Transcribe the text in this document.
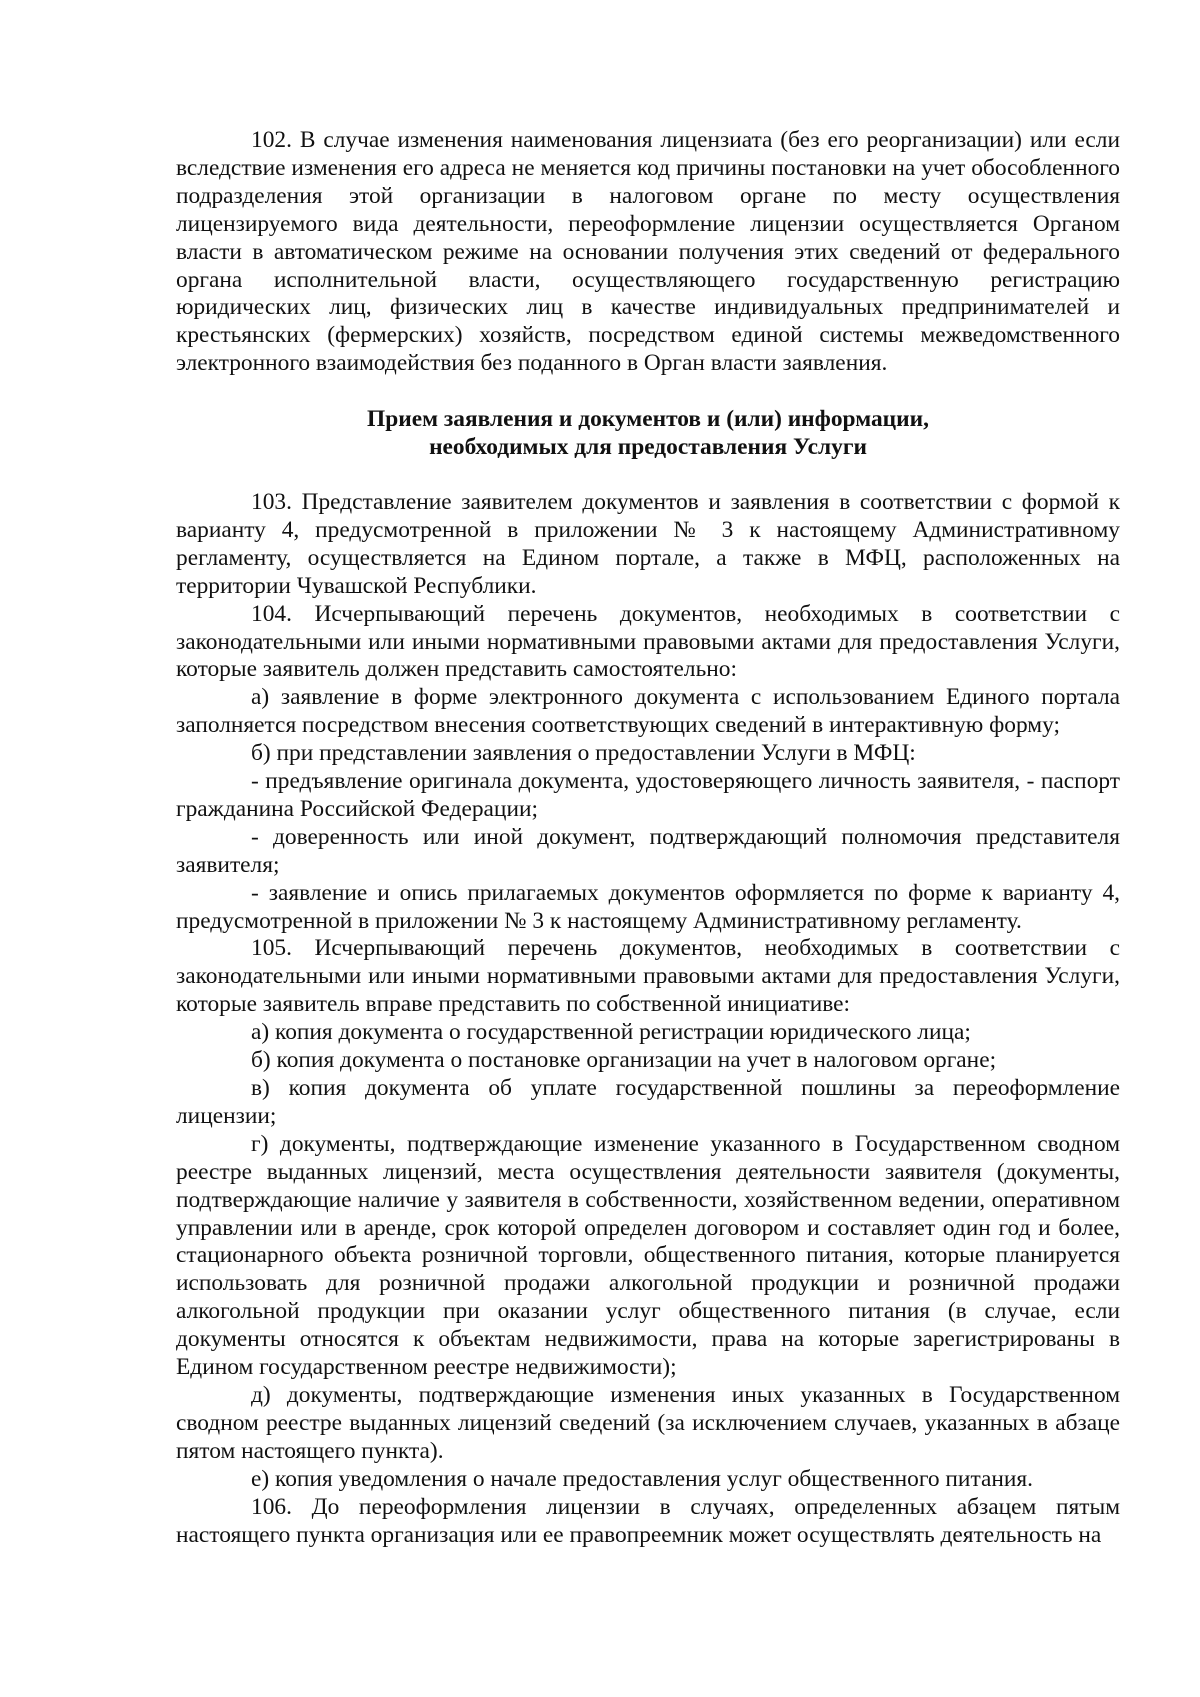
102. В случае изменения наименования лицензиата (без его реорганизации) или если вследствие изменения его адреса не меняется код причины постановки на учет обособленного подразделения этой организации в налоговом органе по месту осуществления лицензируемого вида деятельности, переоформление лицензии осуществляется Органом власти в автоматическом режиме на основании получения этих сведений от федерального органа исполнительной власти, осуществляющего государственную регистрацию юридических лиц, физических лиц в качестве индивидуальных предпринимателей и крестьянских (фермерских) хозяйств, посредством единой системы межведомственного электронного взаимодействия без поданного в Орган власти заявления.

Прием заявления и документов и (или) информации,
необходимых для предоставления Услуги

103. Представление заявителем документов и заявления в соответствии с формой к варианту 4, предусмотренной в приложении № 3 к настоящему Административному регламенту, осуществляется на Едином портале, а также в МФЦ, расположенных на территории Чувашской Республики.

104. Исчерпывающий перечень документов, необходимых в соответствии с законодательными или иными нормативными правовыми актами для предоставления Услуги, которые заявитель должен представить самостоятельно:

а) заявление в форме электронного документа с использованием Единого портала заполняется посредством внесения соответствующих сведений в интерактивную форму;

б) при представлении заявления о предоставлении Услуги в МФЦ:

- предъявление оригинала документа, удостоверяющего личность заявителя, - паспорт гражданина Российской Федерации;

- доверенность или иной документ, подтверждающий полномочия представителя заявителя;

- заявление и опись прилагаемых документов оформляется по форме к варианту 4, предусмотренной в приложении № 3 к настоящему Административному регламенту.

105. Исчерпывающий перечень документов, необходимых в соответствии с законодательными или иными нормативными правовыми актами для предоставления Услуги, которые заявитель вправе представить по собственной инициативе:

а) копия документа о государственной регистрации юридического лица;

б) копия документа о постановке организации на учет в налоговом органе;

в) копия документа об уплате государственной пошлины за переоформление лицензии;

г) документы, подтверждающие изменение указанного в Государственном сводном реестре выданных лицензий, места осуществления деятельности заявителя (документы, подтверждающие наличие у заявителя в собственности, хозяйственном ведении, оперативном управлении или в аренде, срок которой определен договором и составляет один год и более, стационарного объекта розничной торговли, общественного питания, которые планируется использовать для розничной продажи алкогольной продукции и розничной продажи алкогольной продукции при оказании услуг общественного питания (в случае, если документы относятся к объектам недвижимости, права на которые зарегистрированы в Едином государственном реестре недвижимости);

д) документы, подтверждающие изменения иных указанных в Государственном сводном реестре выданных лицензий сведений (за исключением случаев, указанных в абзаце пятом настоящего пункта).

е) копия уведомления о начале предоставления услуг общественного питания.

106. До переоформления лицензии в случаях, определенных абзацем пятым настоящего пункта организация или ее правопреемник может осуществлять деятельность на
